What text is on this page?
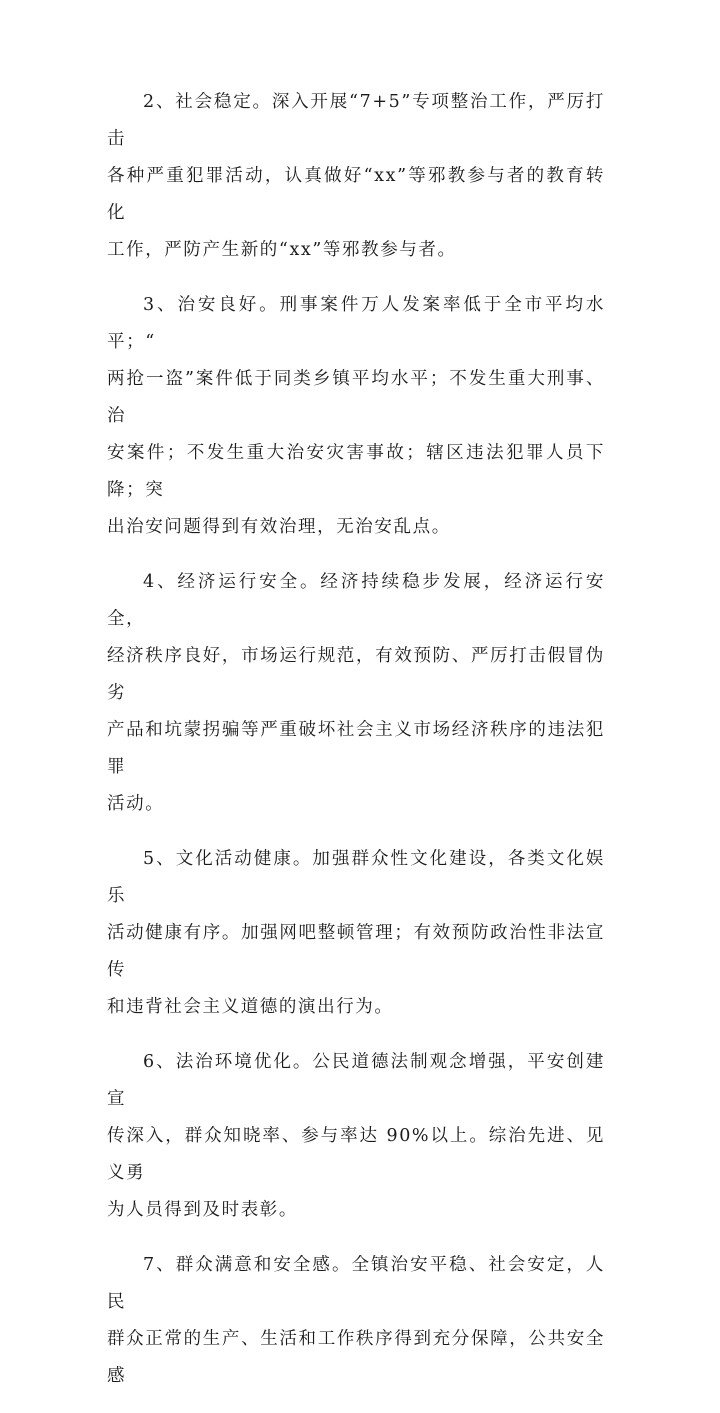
2、社会稳定。深入开展“7+5”专项整治工作，严厉打击
各种严重犯罪活动，认真做好“xx”等邪教参与者的教育转化
工作，严防产生新的“xx”等邪教参与者。

3、治安良好。刑事案件万人发案率低于全市平均水平；“
两抢一盗”案件低于同类乡镇平均水平；不发生重大刑事、治
安案件；不发生重大治安灾害事故；辖区违法犯罪人员下降；突
出治安问题得到有效治理，无治安乱点。

4、经济运行安全。经济持续稳步发展，经济运行安全，
经济秩序良好，市场运行规范，有效预防、严厉打击假冒伪劣
产品和坑蒙拐骗等严重破坏社会主义市场经济秩序的违法犯罪
活动。

5、文化活动健康。加强群众性文化建设，各类文化娱乐
活动健康有序。加强网吧整顿管理；有效预防政治性非法宣传
和违背社会主义道德的演出行为。

6、法治环境优化。公民道德法制观念增强，平安创建宣
传深入，群众知晓率、参与率达 90%以上。综治先进、见义勇
为人员得到及时表彰。

7、群众满意和安全感。全镇治安平稳、社会安定，人民
群众正常的生产、生活和工作秩序得到充分保障，公共安全感
